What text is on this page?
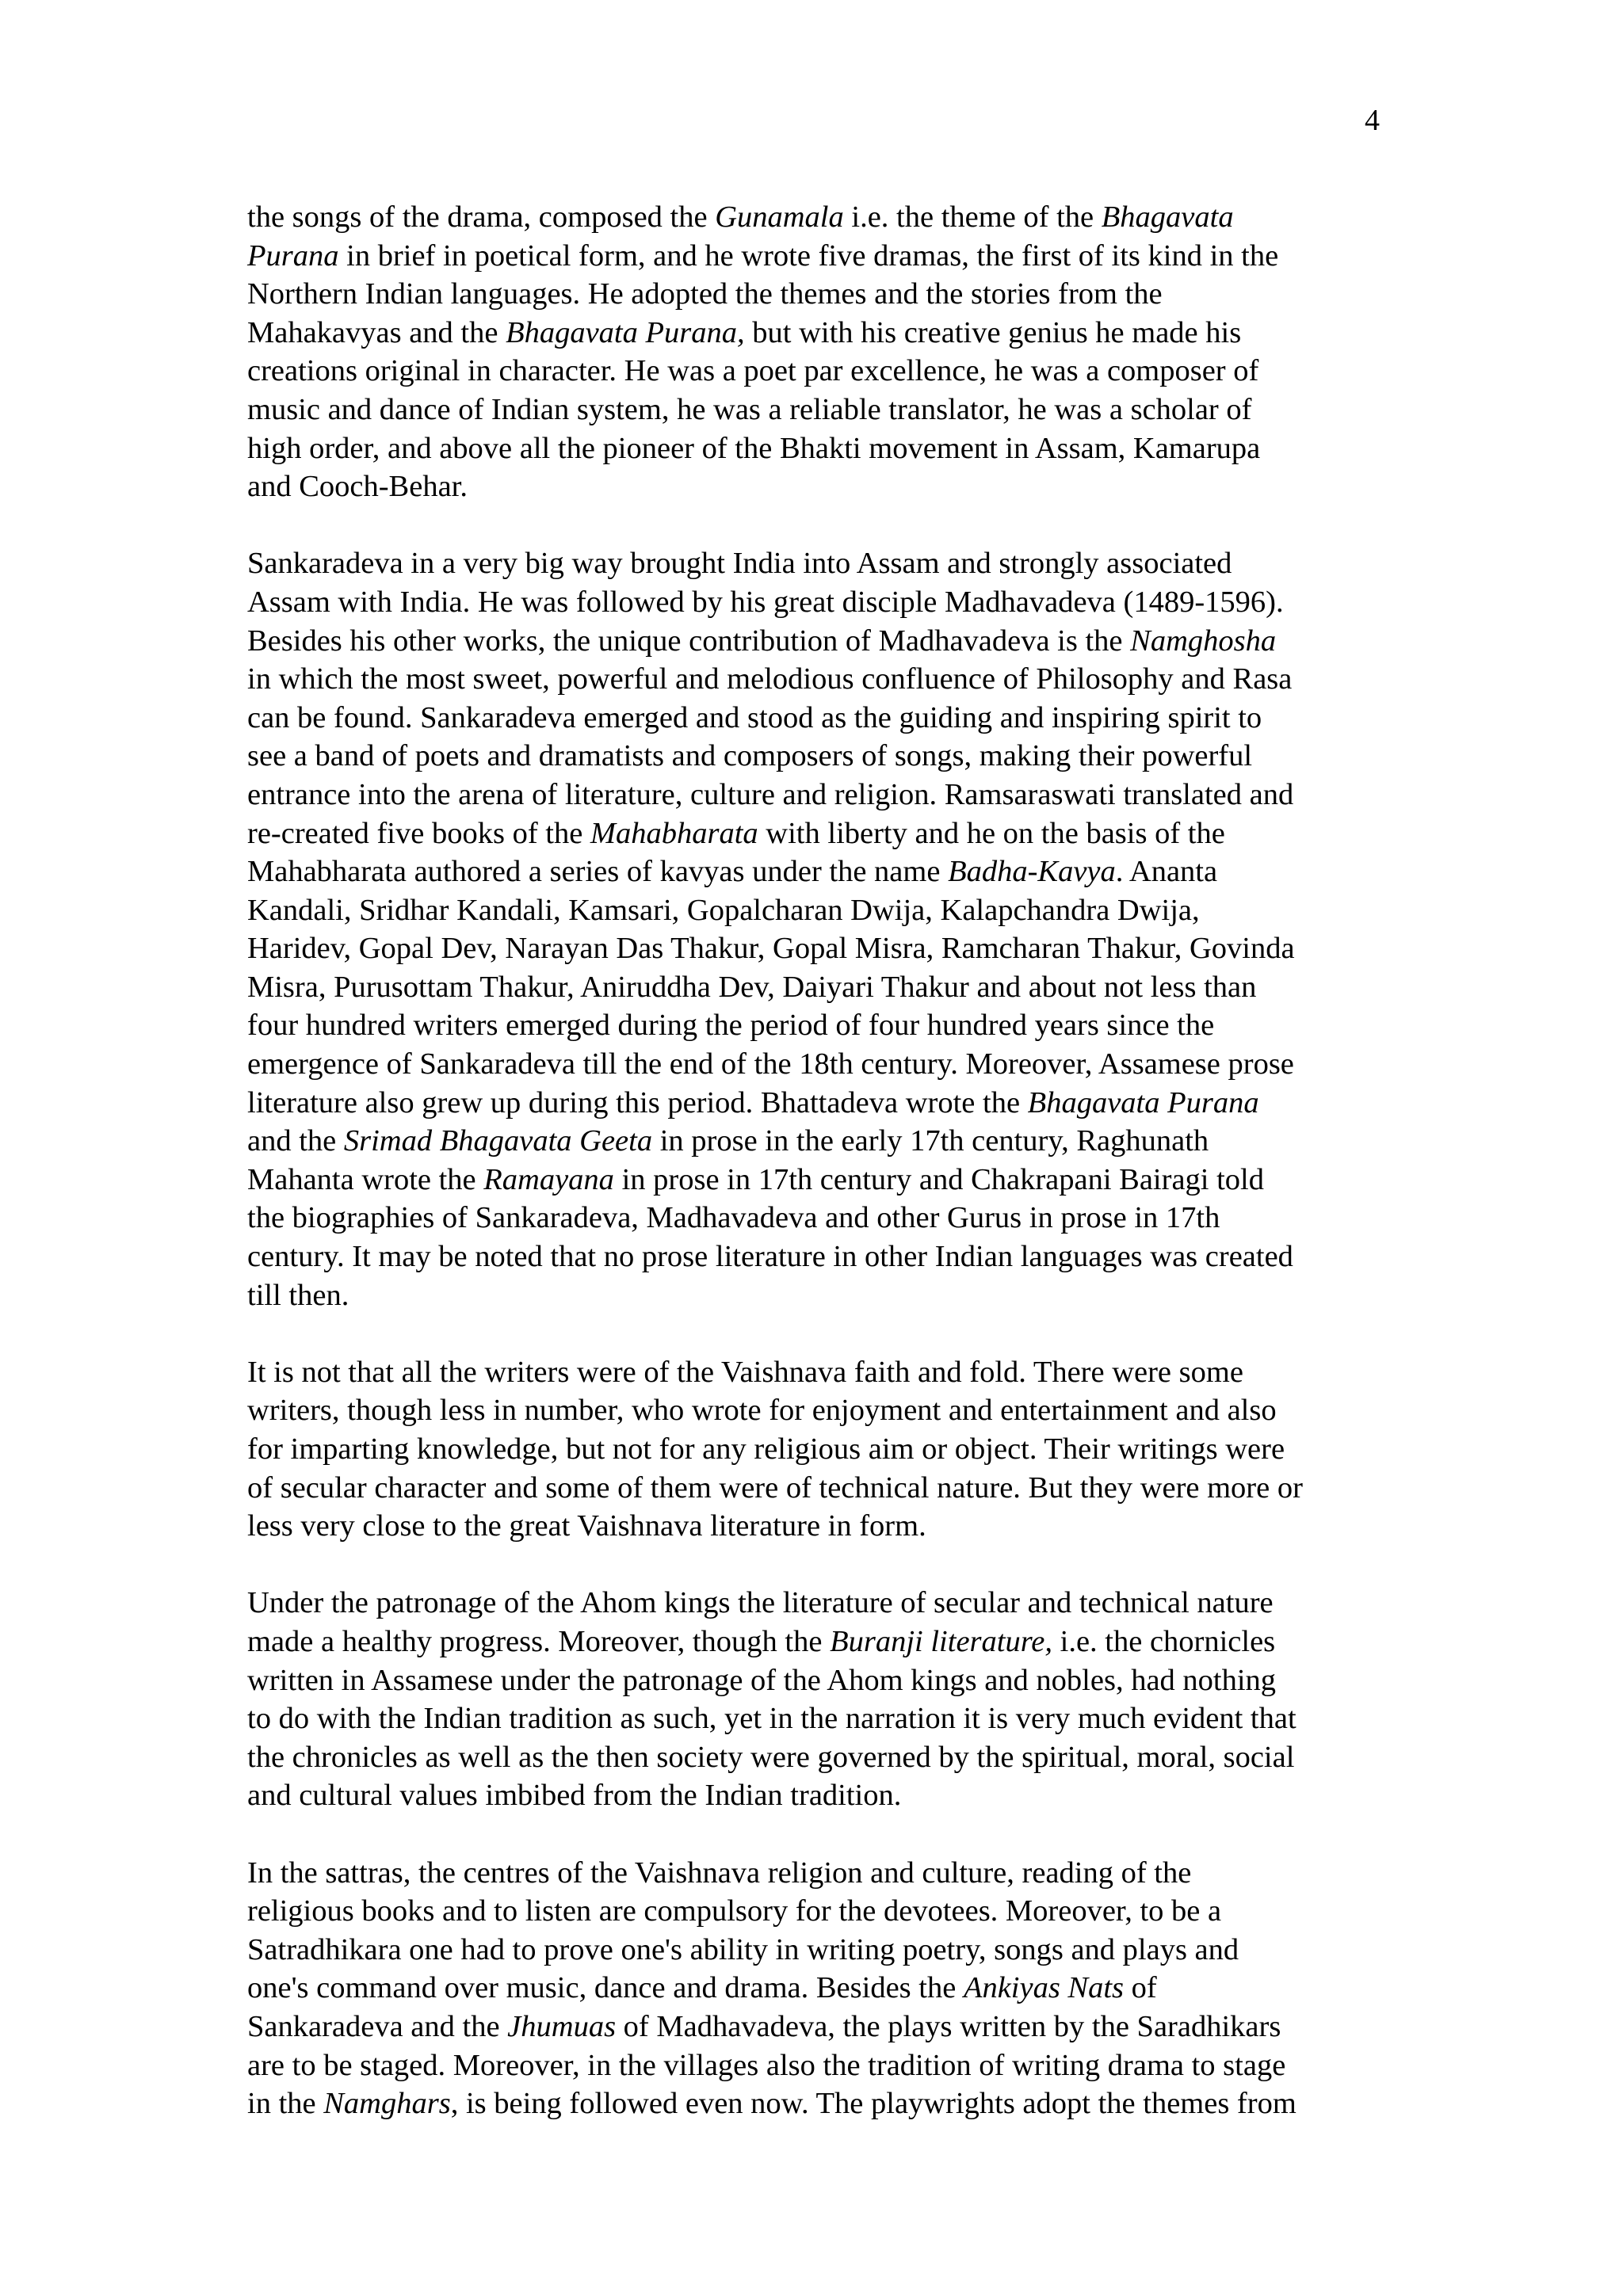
4
the songs of the drama, composed the Gunamala i.e. the theme of the Bhagavata
Purana in brief in poetical form, and he wrote five dramas, the first of its kind in the
Northern Indian languages. He adopted the themes and the stories from the
Mahakavyas and the Bhagavata Purana, but with his creative genius he made his
creations original in character. He was a poet par excellence, he was a composer of
music and dance of Indian system, he was a reliable translator, he was a scholar of
high order, and above all the pioneer of the Bhakti movement in Assam, Kamarupa
and Cooch-Behar.
Sankaradeva in a very big way brought India into Assam and strongly associated
Assam with India. He was followed by his great disciple Madhavadeva (1489-1596).
Besides his other works, the unique contribution of Madhavadeva is the Namghosha
in which the most sweet, powerful and melodious confluence of Philosophy and Rasa
can be found. Sankaradeva emerged and stood as the guiding and inspiring spirit to
see a band of poets and dramatists and composers of songs, making their powerful
entrance into the arena of literature, culture and religion. Ramsaraswati translated and
re-created five books of the Mahabharata with liberty and he on the basis of the
Mahabharata authored a series of kavyas under the name Badha-Kavya. Ananta
Kandali, Sridhar Kandali, Kamsari, Gopalcharan Dwija, Kalapchandra Dwija,
Haridev, Gopal Dev, Narayan Das Thakur, Gopal Misra, Ramcharan Thakur, Govinda
Misra, Purusottam Thakur, Aniruddha Dev, Daiyari Thakur and about not less than
four hundred writers emerged during the period of four hundred years since the
emergence of Sankaradeva till the end of the 18th century. Moreover, Assamese prose
literature also grew up during this period. Bhattadeva wrote the Bhagavata Purana
and the Srimad Bhagavata Geeta in prose in the early 17th century, Raghunath
Mahanta wrote the Ramayana in prose in 17th century and Chakrapani Bairagi told
the biographies of Sankaradeva, Madhavadeva and other Gurus in prose in 17th
century. It may be noted that no prose literature in other Indian languages was created
till then.
It is not that all the writers were of the Vaishnava faith and fold. There were some
writers, though less in number, who wrote for enjoyment and entertainment and also
for imparting knowledge, but not for any religious aim or object. Their writings were
of secular character and some of them were of technical nature. But they were more or
less very close to the great Vaishnava literature in form.
Under the patronage of the Ahom kings the literature of secular and technical nature
made a healthy progress. Moreover, though the Buranji literature, i.e. the chornicles
written in Assamese under the patronage of the Ahom kings and nobles, had nothing
to do with the Indian tradition as such, yet in the narration it is very much evident that
the chronicles as well as the then society were governed by the spiritual, moral, social
and cultural values imbibed from the Indian tradition.
In the sattras, the centres of the Vaishnava religion and culture, reading of the
religious books and to listen are compulsory for the devotees. Moreover, to be a
Satradhikara one had to prove one's ability in writing poetry, songs and plays and
one's command over music, dance and drama. Besides the Ankiyas Nats of
Sankaradeva and the Jhumuas of Madhavadeva, the plays written by the Saradhikars
are to be staged. Moreover, in the villages also the tradition of writing drama to stage
in the Namghars, is being followed even now. The playwrights adopt the themes from
